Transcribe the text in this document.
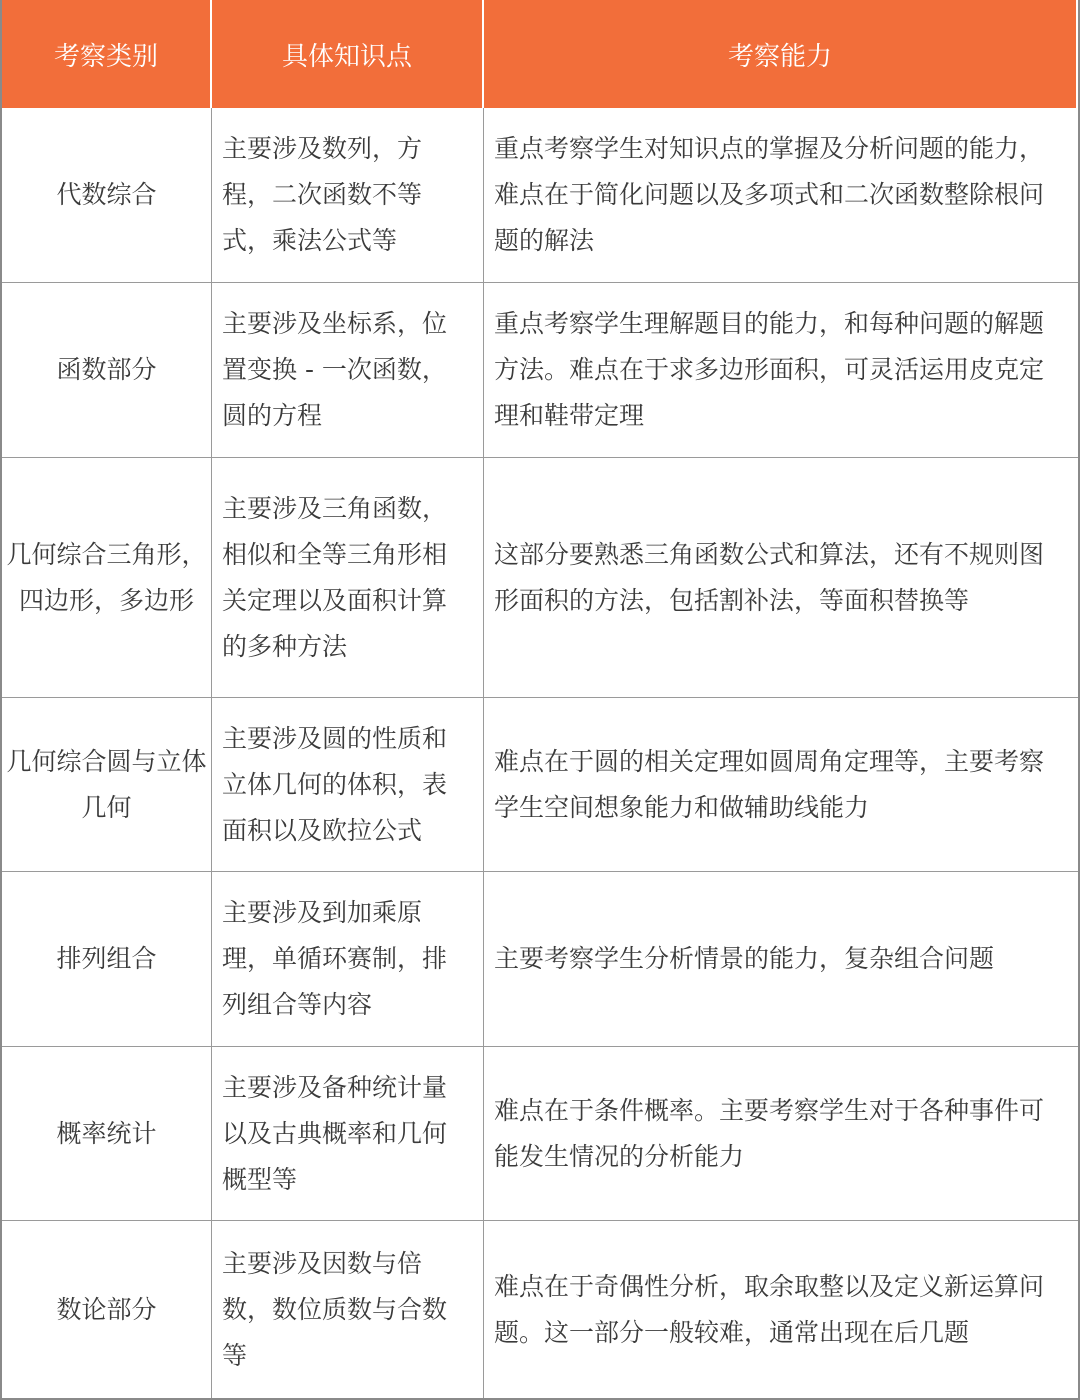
考察类别	具体知识点	考察能力
代数综合
主要涉及数列，方程，二次函数不等式，乘法公式等
重点考察学生对知识点的掌握及分析问题的能力，难点在于简化问题以及多项式和二次函数整除根问题的解法
函数部分
主要涉及坐标系，位置变换 - 一次函数，圆的方程
重点考察学生理解题目的能力，和每种问题的解题方法。难点在于求多边形面积，可灵活运用皮克定理和鞋带定理
几何综合三角形，四边形，多边形
主要涉及三角函数，相似和全等三角形相关定理以及面积计算的多种方法
这部分要熟悉三角函数公式和算法，还有不规则图形面积的方法，包括割补法，等面积替换等
几何综合圆与立体几何
主要涉及圆的性质和立体几何的体积，表面积以及欧拉公式
难点在于圆的相关定理如圆周角定理等，主要考察学生空间想象能力和做辅助线能力
排列组合
主要涉及到加乘原理，单循环赛制，排列组合等内容
主要考察学生分析情景的能力，复杂组合问题
概率统计
主要涉及备种统计量以及古典概率和几何概型等
难点在于条件概率。主要考察学生对于各种事件可能发生情况的分析能力
数论部分
主要涉及因数与倍数，数位质数与合数等
难点在于奇偶性分析，取余取整以及定义新运算问题。这一部分一般较难，通常出现在后几题
